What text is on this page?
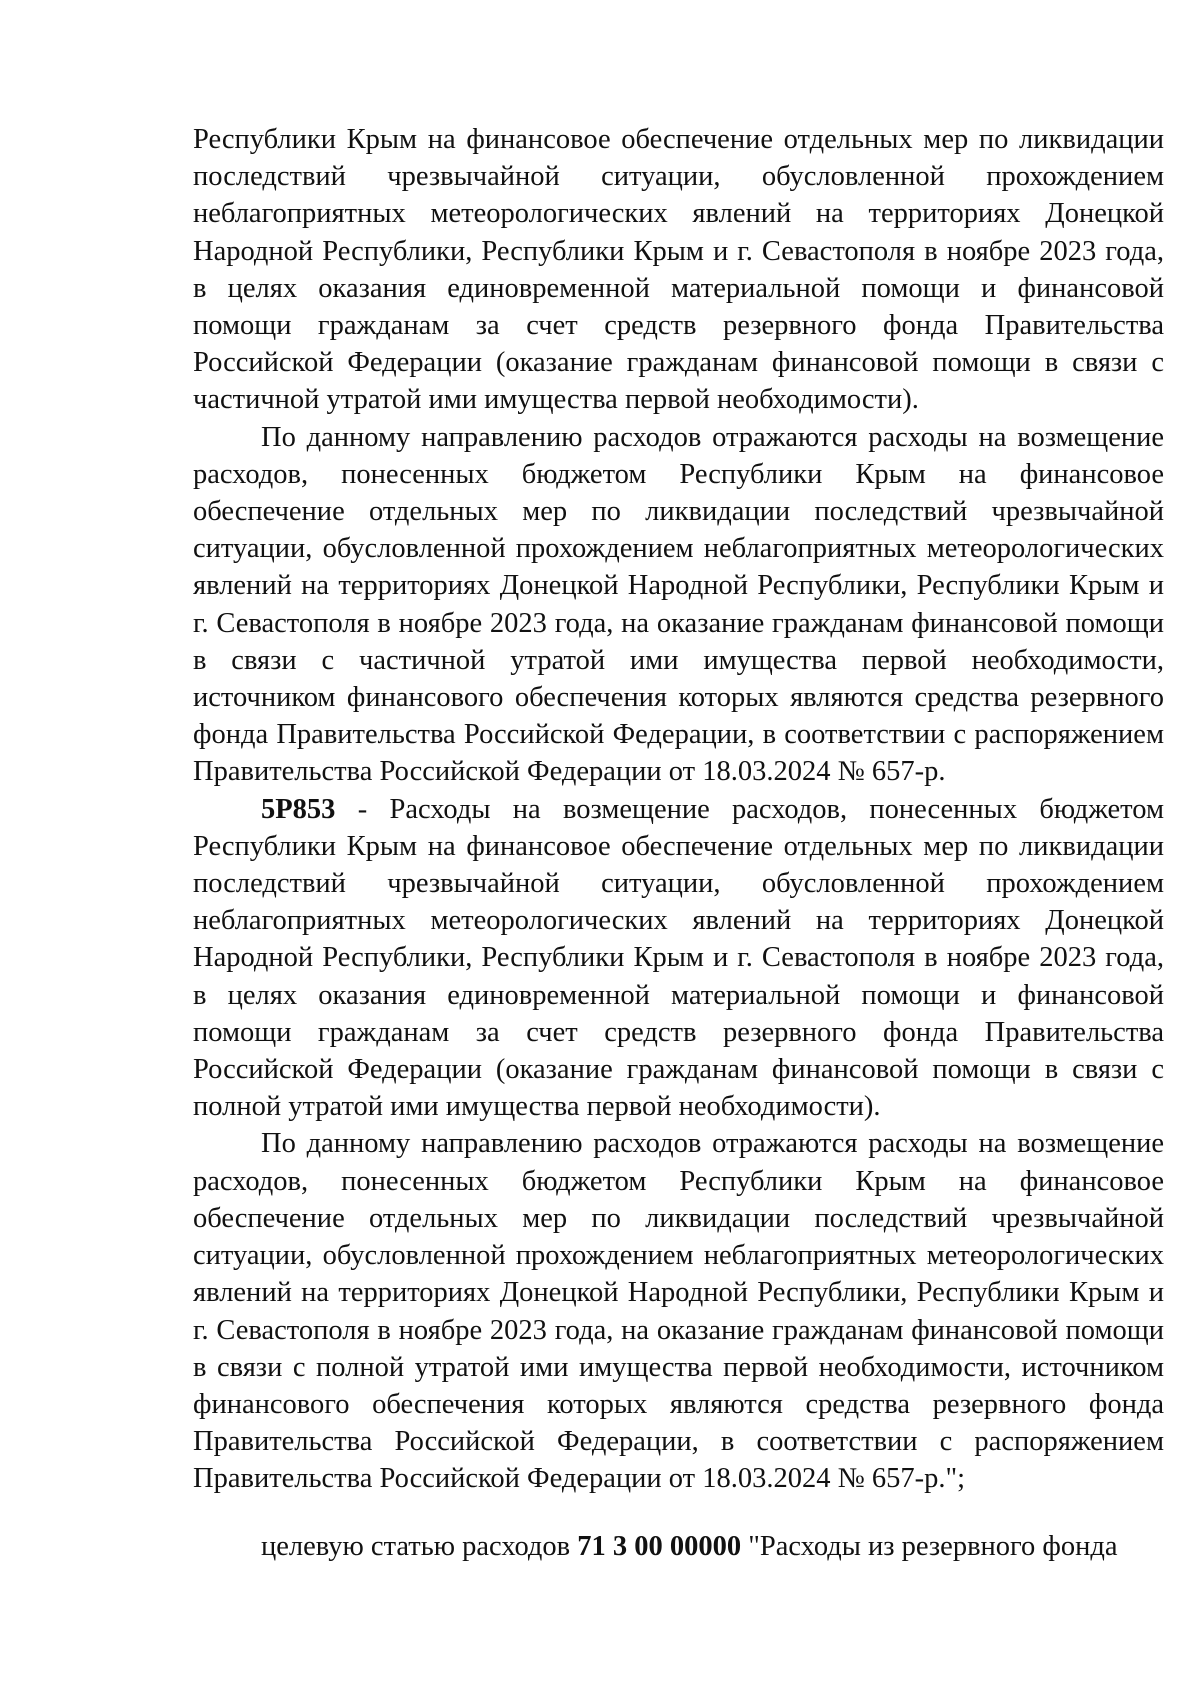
Республики Крым на финансовое обеспечение отдельных мер по ликвидации последствий чрезвычайной ситуации, обусловленной прохождением неблагоприятных метеорологических явлений на территориях Донецкой Народной Республики, Республики Крым и г. Севастополя в ноябре 2023 года, в целях оказания единовременной материальной помощи и финансовой помощи гражданам за счет средств резервного фонда Правительства Российской Федерации (оказание гражданам финансовой помощи в связи с частичной утратой ими имущества первой необходимости).

По данному направлению расходов отражаются расходы на возмещение расходов, понесенных бюджетом Республики Крым на финансовое обеспечение отдельных мер по ликвидации последствий чрезвычайной ситуации, обусловленной прохождением неблагоприятных метеорологических явлений на территориях Донецкой Народной Республики, Республики Крым и г. Севастополя в ноябре 2023 года, на оказание гражданам финансовой помощи в связи с частичной утратой ими имущества первой необходимости, источником финансового обеспечения которых являются средства резервного фонда Правительства Российской Федерации, в соответствии с распоряжением Правительства Российской Федерации от 18.03.2024 № 657-р.

5Р853 - Расходы на возмещение расходов, понесенных бюджетом Республики Крым на финансовое обеспечение отдельных мер по ликвидации последствий чрезвычайной ситуации, обусловленной прохождением неблагоприятных метеорологических явлений на территориях Донецкой Народной Республики, Республики Крым и г. Севастополя в ноябре 2023 года, в целях оказания единовременной материальной помощи и финансовой помощи гражданам за счет средств резервного фонда Правительства Российской Федерации (оказание гражданам финансовой помощи в связи с полной утратой ими имущества первой необходимости).

По данному направлению расходов отражаются расходы на возмещение расходов, понесенных бюджетом Республики Крым на финансовое обеспечение отдельных мер по ликвидации последствий чрезвычайной ситуации, обусловленной прохождением неблагоприятных метеорологических явлений на территориях Донецкой Народной Республики, Республики Крым и г. Севастополя в ноябре 2023 года, на оказание гражданам финансовой помощи в связи с полной утратой ими имущества первой необходимости, источником финансового обеспечения которых являются средства резервного фонда Правительства Российской Федерации, в соответствии с распоряжением Правительства Российской Федерации от 18.03.2024 № 657-р.";

целевую статью расходов 71 3 00 00000 "Расходы из резервного фонда
